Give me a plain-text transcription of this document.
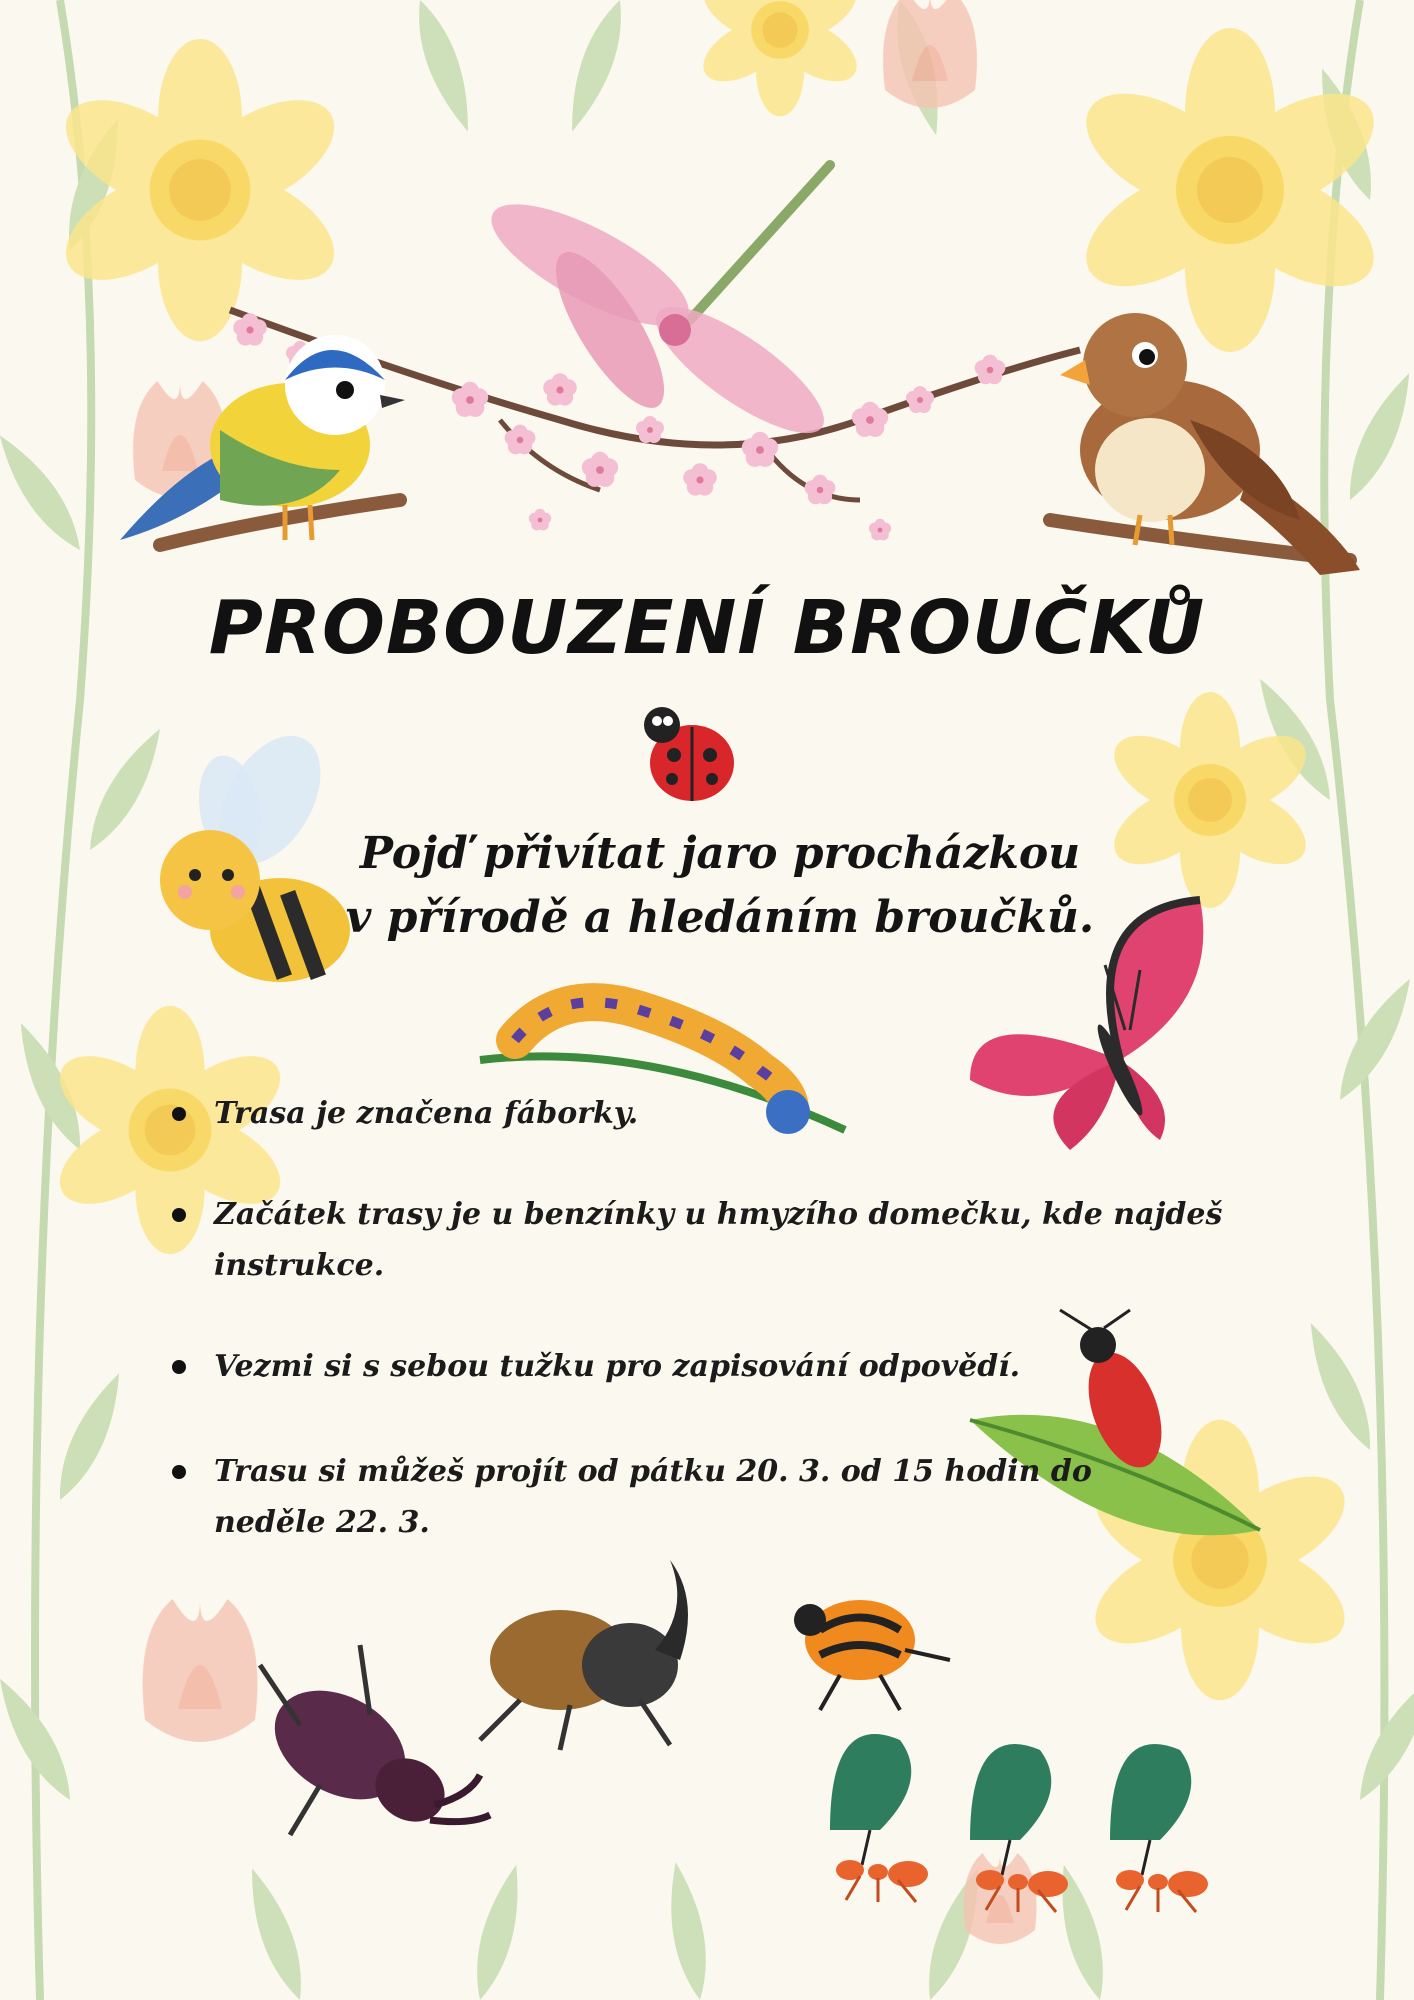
PROBOUZENÍ BROUČKŮ
Pojď přivítat jaro procházkou
v přírodě a hledáním broučků.
Trasa je značena fáborky.
Začátek trasy je u benzínky u hmyzího domečku, kde najdeš instrukce.
Vezmi si s sebou tužku pro zapisování odpovědí.
Trasu si můžeš projít od pátku 20. 3. od 15 hodin do neděle 22. 3.
